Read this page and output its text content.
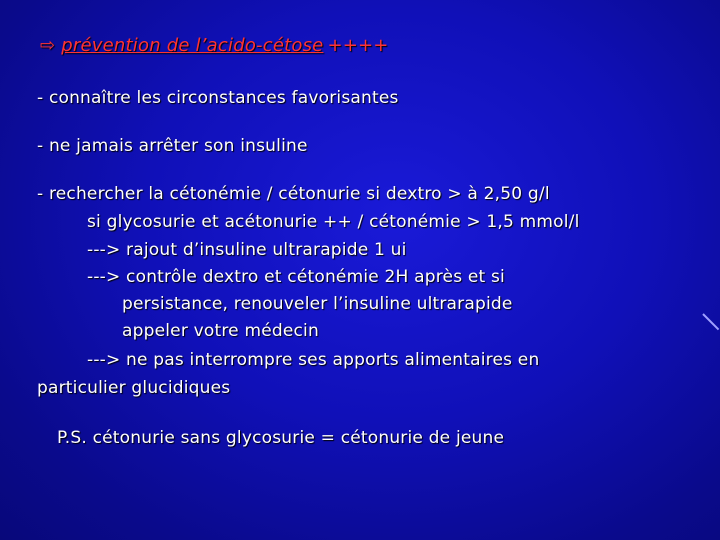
⇨ prévention de l’acido-cétose ++++
- connaître les circonstances favorisantes
- ne jamais arrêter son insuline
- rechercher la cétonémie / cétonurie si dextro > à 2,50 g/l
si glycosurie et acétonurie ++ / cétonémie > 1,5 mmol/l
---> rajout d’insuline ultrarapide 1 ui
---> contrôle dextro et cétonémie 2H après et si
persistance, renouveler l’insuline ultrarapide
appeler votre médecin
---> ne pas interrompre ses apports alimentaires en
particulier glucidiques
P.S. cétonurie sans glycosurie = cétonurie de jeune
